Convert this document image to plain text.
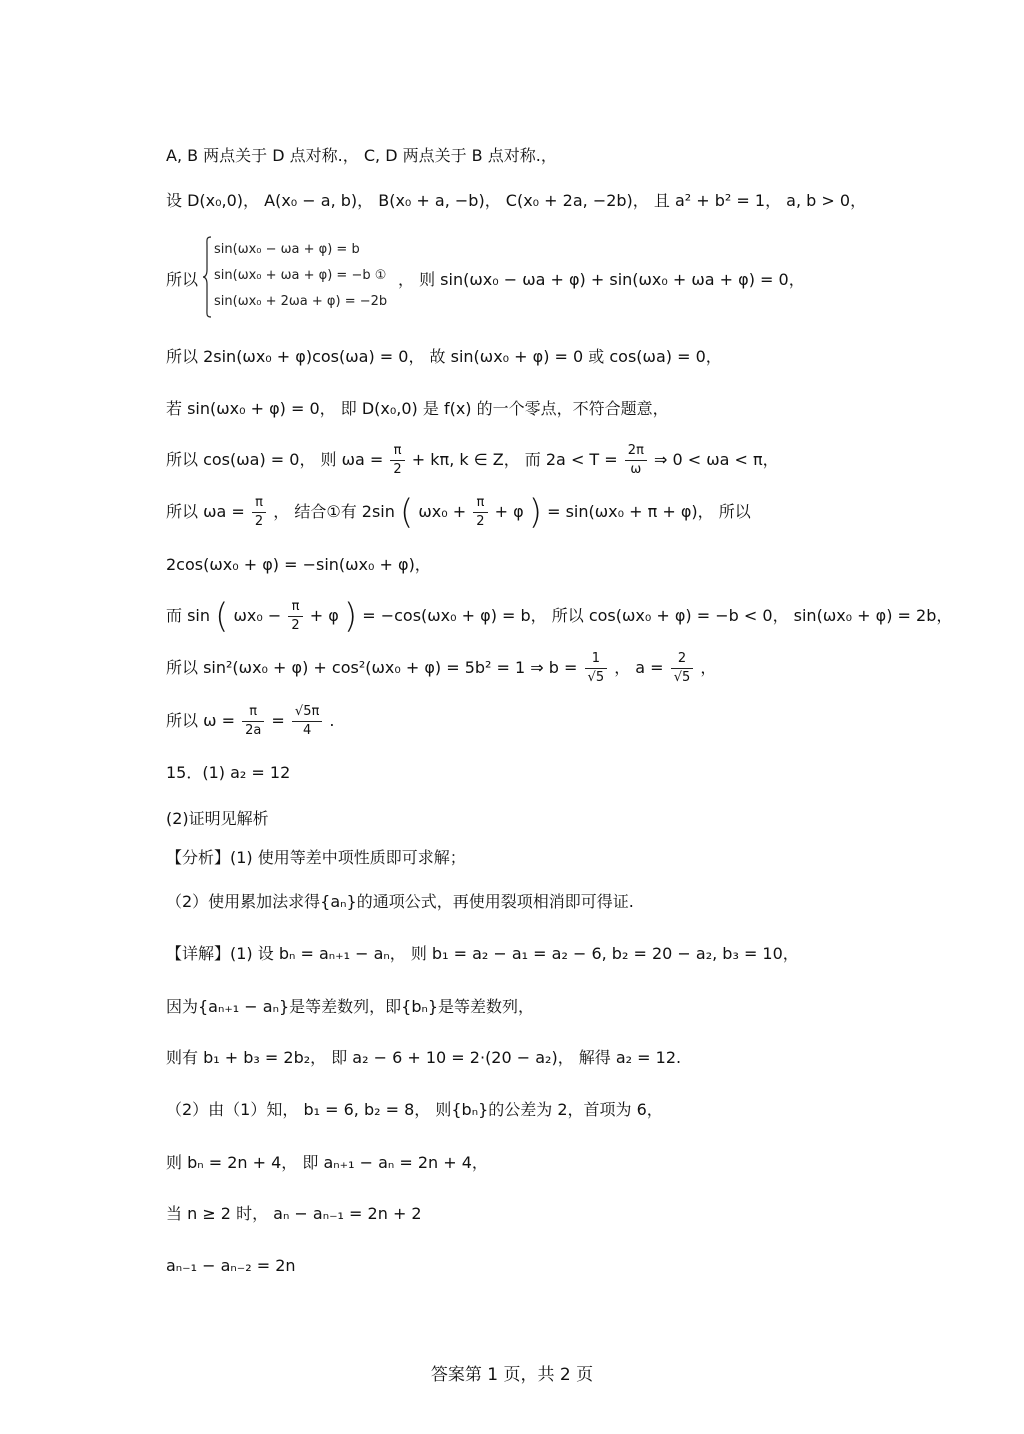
A, B 两点关于 D 点对称.， C, D 两点关于 B 点对称.，
设 D(x₀,0)， A(x₀ − a, b)， B(x₀ + a, −b)， C(x₀ + 2a, −2b)， 且 a² + b² = 1， a, b > 0，
所以
sin(ωx₀ − ωa + φ) = b
sin(ωx₀ + ωa + φ) = −b ①
sin(ωx₀ + 2ωa + φ) = −2b
， 则 sin(ωx₀ − ωa + φ) + sin(ωx₀ + ωa + φ) = 0，
所以 2sin(ωx₀ + φ)cos(ωa) = 0， 故 sin(ωx₀ + φ) = 0 或 cos(ωa) = 0，
若 sin(ωx₀ + φ) = 0， 即 D(x₀,0) 是 f(x) 的一个零点，不符合题意，
所以 cos(ωa) = 0， 则 $\omega a = \frac{\pi}{2} + k\pi$, k ∈ Z， 而 $2a < T = \frac{2\pi}{\omega}$ ⇒ 0 < ωa < π，
所以 $\omega a = \frac{\pi}{2}$ ， 结合①有 2sin ( $\omega x_0 + \frac{\pi}{2} + \varphi$ ) = sin(ωx₀ + π + φ)， 所以
2cos(ωx₀ + φ) = −sin(ωx₀ + φ)，
而 sin ( $\omega x_0 - \frac{\pi}{2} + \varphi$ ) = −cos(ωx₀ + φ) = b， 所以 cos(ωx₀ + φ) = −b < 0， sin(ωx₀ + φ) = 2b，
所以 sin²(ωx₀ + φ) + cos²(ωx₀ + φ) = 5b² = 1 ⇒ $b = \frac{1}{√5}$ ， $a = \frac{2}{√5}$ ，
所以 $\omega = \frac{\pi}{2a} = \frac{√5\pi}{4}$ .
15．(1) a₂ = 12
(2)证明见解析
【分析】(1) 使用等差中项性质即可求解；
（2）使用累加法求得{aₙ}的通项公式，再使用裂项相消即可得证.
【详解】(1) 设 bₙ = aₙ₊₁ − aₙ， 则 b₁ = a₂ − a₁ = a₂ − 6, b₂ = 20 − a₂, b₃ = 10，
因为{aₙ₊₁ − aₙ}是等差数列，即{bₙ}是等差数列，
则有 b₁ + b₃ = 2b₂， 即 a₂ − 6 + 10 = 2·(20 − a₂)， 解得 a₂ = 12.
（2）由（1）知， b₁ = 6, b₂ = 8， 则{bₙ}的公差为 2，首项为 6，
则 bₙ = 2n + 4， 即 aₙ₊₁ − aₙ = 2n + 4，
当 n ≥ 2 时， aₙ − aₙ₋₁ = 2n + 2
aₙ₋₁ − aₙ₋₂ = 2n
答案第 1 页，共 2 页
